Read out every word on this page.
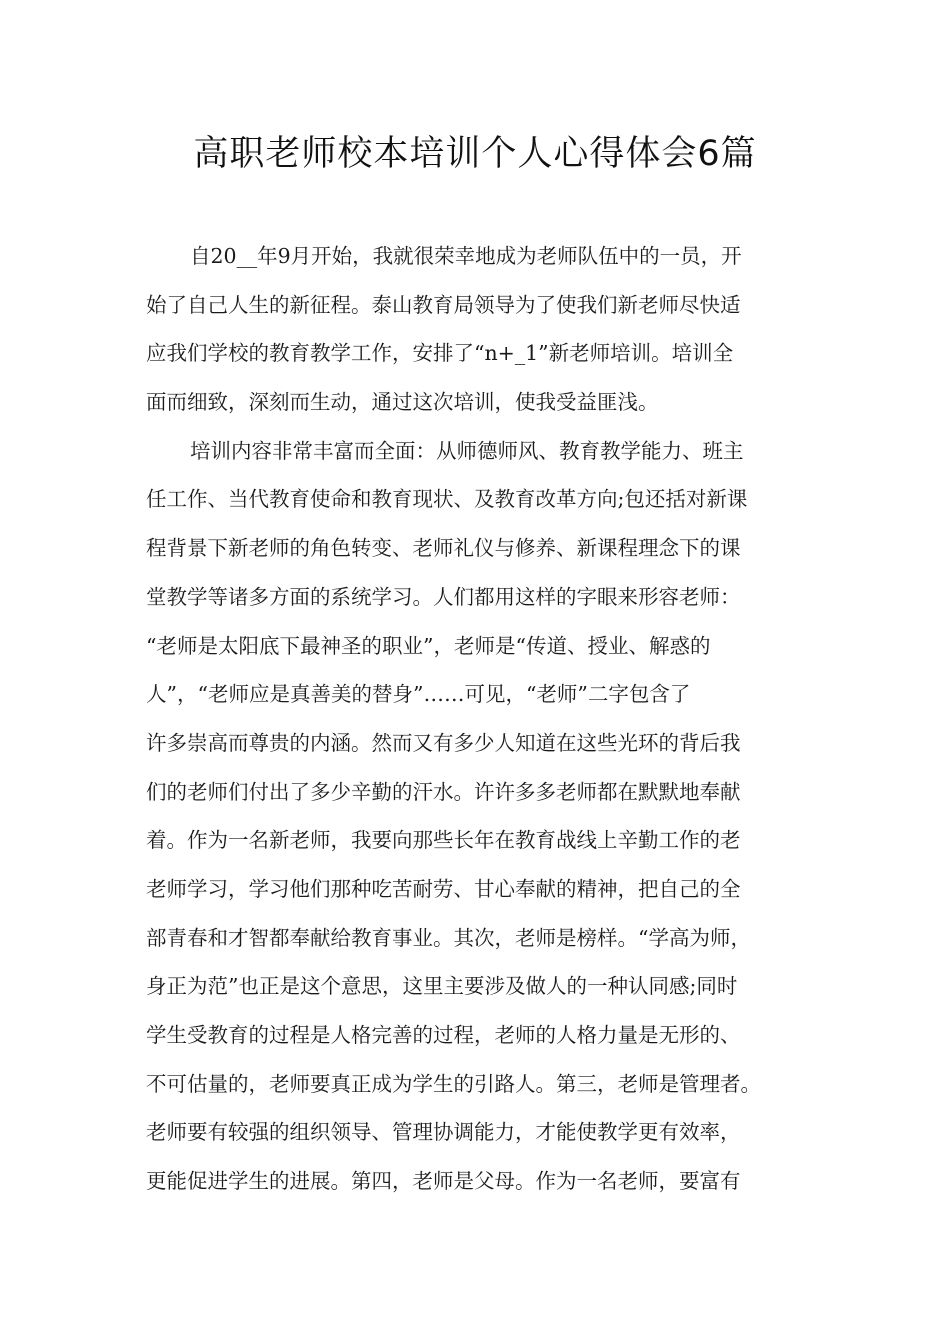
高职老师校本培训个人心得体会6篇
自20__年9月开始，我就很荣幸地成为老师队伍中的一员，开
始了自己人生的新征程。泰山教育局领导为了使我们新老师尽快适
应我们学校的教育教学工作，安排了“n+_1”新老师培训。培训全
面而细致，深刻而生动，通过这次培训，使我受益匪浅。
培训内容非常丰富而全面：从师德师风、教育教学能力、班主
任工作、当代教育使命和教育现状、及教育改革方向;包还括对新课
程背景下新老师的角色转变、老师礼仪与修养、新课程理念下的课
堂教学等诸多方面的系统学习。人们都用这样的字眼来形容老师：
“老师是太阳底下最神圣的职业”，老师是“传道、授业、解惑的
人”，“老师应是真善美的替身”……可见，“老师”二字包含了
许多崇高而尊贵的内涵。然而又有多少人知道在这些光环的背后我
们的老师们付出了多少辛勤的汗水。许许多多老师都在默默地奉献
着。作为一名新老师，我要向那些长年在教育战线上辛勤工作的老
老师学习，学习他们那种吃苦耐劳、甘心奉献的精神，把自己的全
部青春和才智都奉献给教育事业。其次，老师是榜样。“学高为师，
身正为范”也正是这个意思，这里主要涉及做人的一种认同感;同时
学生受教育的过程是人格完善的过程，老师的人格力量是无形的、
不可估量的，老师要真正成为学生的引路人。第三，老师是管理者。
老师要有较强的组织领导、管理协调能力，才能使教学更有效率，
更能促进学生的进展。第四，老师是父母。作为一名老师，要富有
